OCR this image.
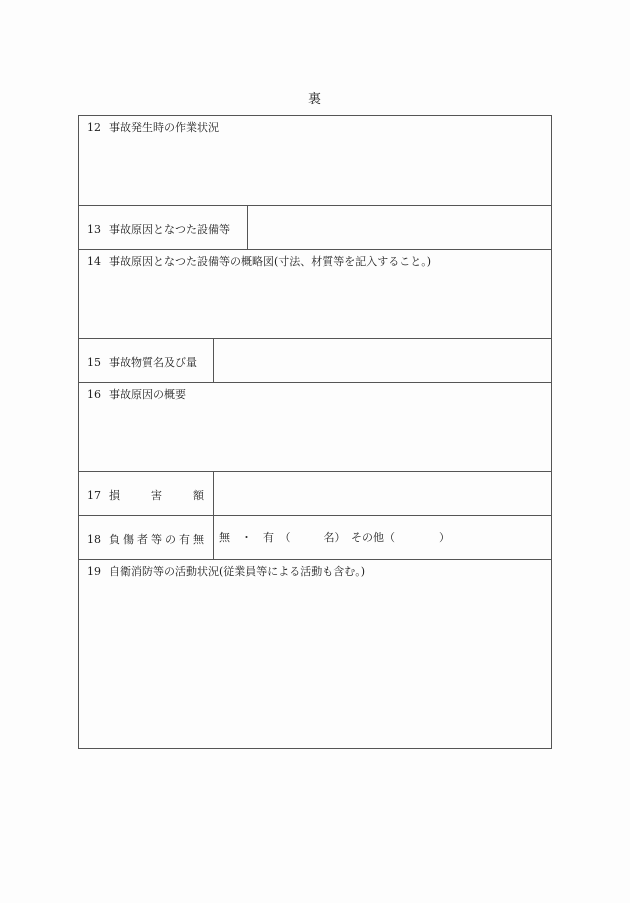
裏
12 事故発生時の作業状況
13 事故原因となつた設備等
14 事故原因となつた設備等の概略図(寸法、材質等を記入すること。)
15 事故物質名及び量
16 事故原因の概要
17 損	害	額
18 負 傷 者 等 の 有 無 無　・　有　（　　　名）　その他（　　　　）
19 自衛消防等の活動状況(従業員等による活動も含む。)
